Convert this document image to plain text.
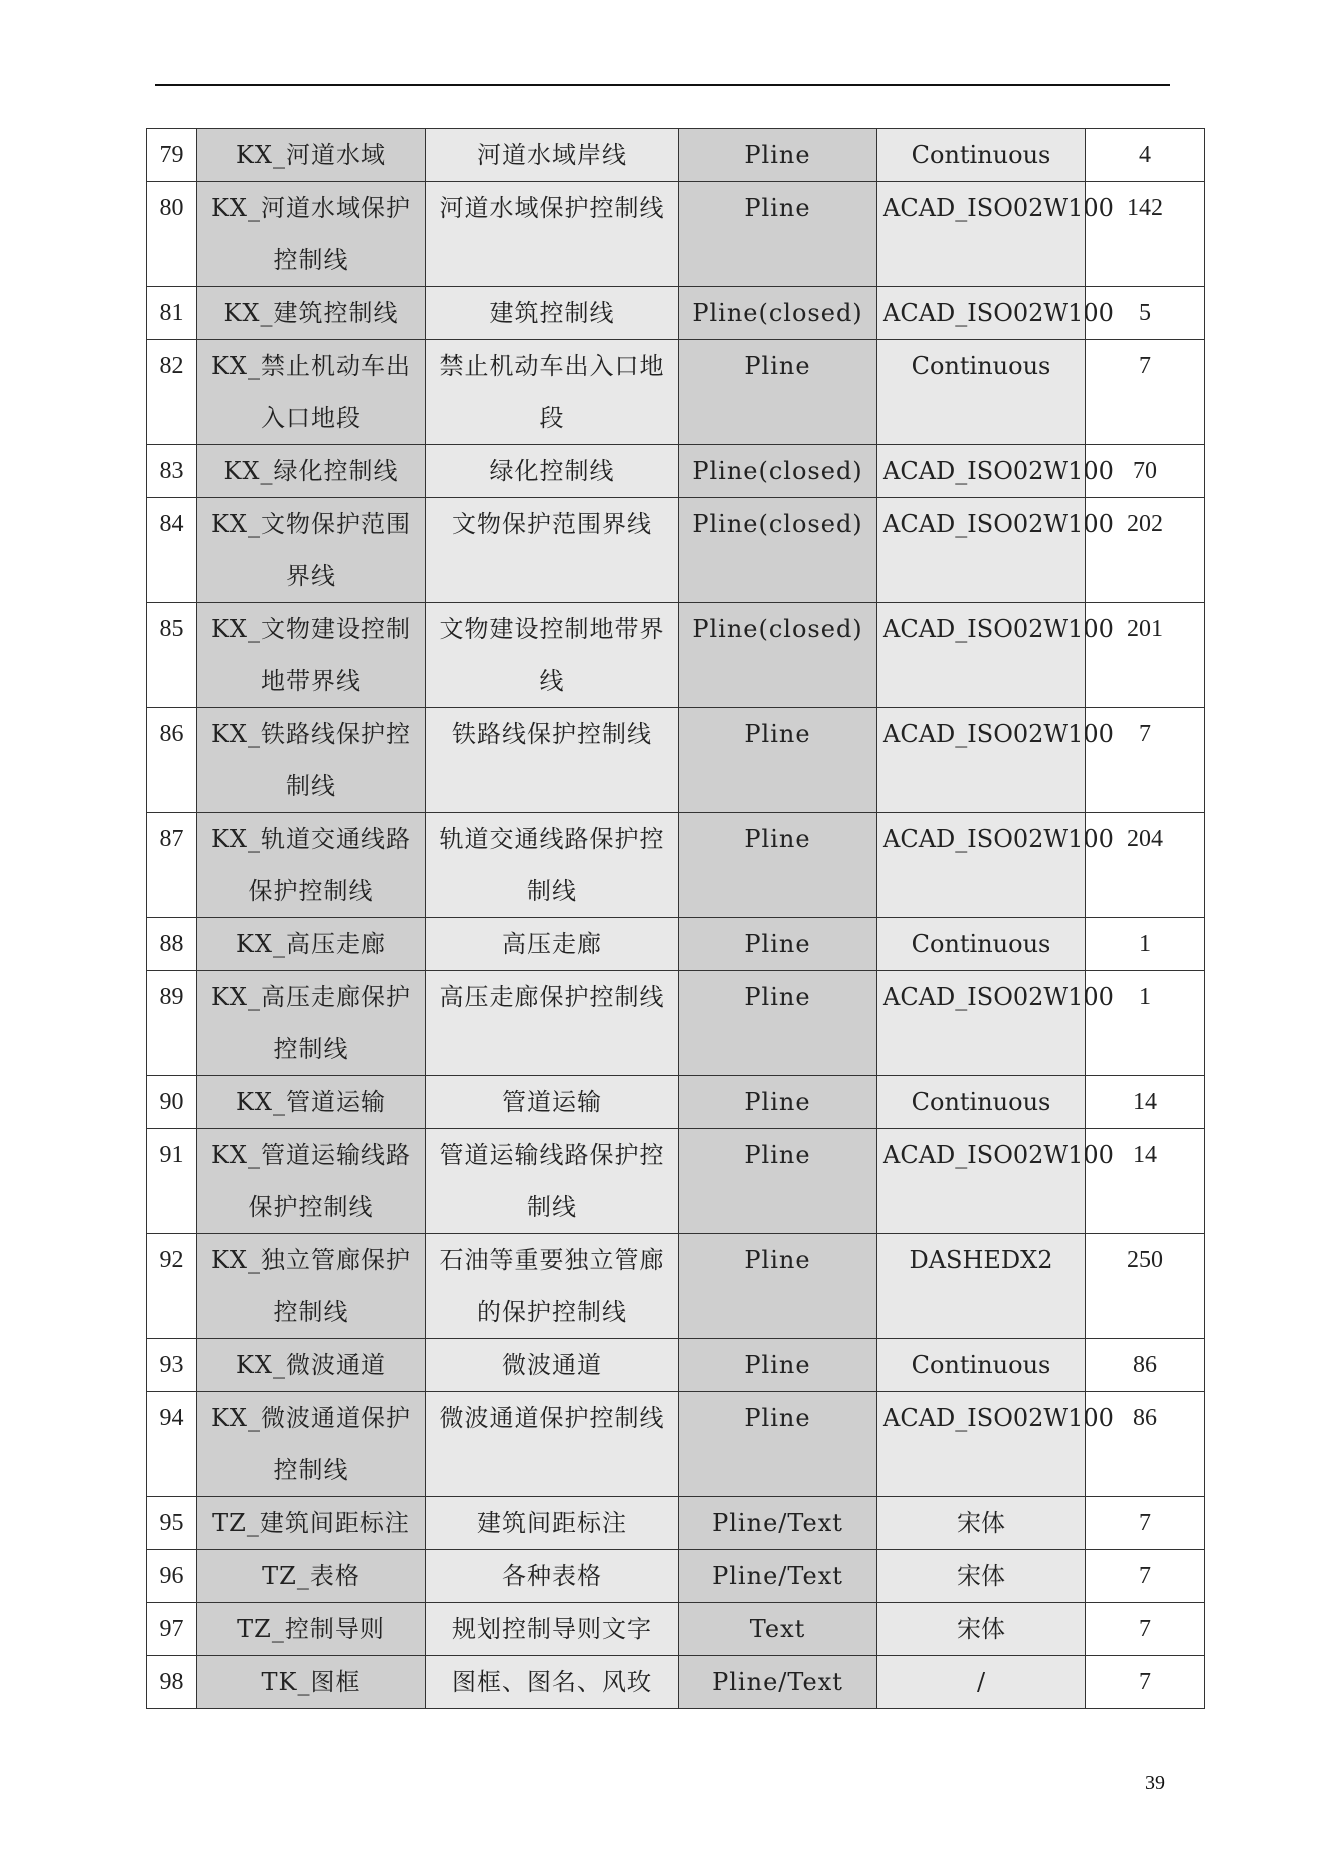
79	KX_河道水域	河道水域岸线	Pline	Continuous	4
80	KX_河道水域保护控制线	河道水域保护控制线	Pline	ACAD_ISO02W100	142
81	KX_建筑控制线	建筑控制线	Pline(closed)	ACAD_ISO02W100	5
82	KX_禁止机动车出入口地段	禁止机动车出入口地段	Pline	Continuous	7
83	KX_绿化控制线	绿化控制线	Pline(closed)	ACAD_ISO02W100	70
84	KX_文物保护范围界线	文物保护范围界线	Pline(closed)	ACAD_ISO02W100	202
85	KX_文物建设控制地带界线	文物建设控制地带界线	Pline(closed)	ACAD_ISO02W100	201
86	KX_铁路线保护控制线	铁路线保护控制线	Pline	ACAD_ISO02W100	7
87	KX_轨道交通线路保护控制线	轨道交通线路保护控制线	Pline	ACAD_ISO02W100	204
88	KX_高压走廊	高压走廊	Pline	Continuous	1
89	KX_高压走廊保护控制线	高压走廊保护控制线	Pline	ACAD_ISO02W100	1
90	KX_管道运输	管道运输	Pline	Continuous	14
91	KX_管道运输线路保护控制线	管道运输线路保护控制线	Pline	ACAD_ISO02W100	14
92	KX_独立管廊保护控制线	石油等重要独立管廊的保护控制线	Pline	DASHEDX2	250
93	KX_微波通道	微波通道	Pline	Continuous	86
94	KX_微波通道保护控制线	微波通道保护控制线	Pline	ACAD_ISO02W100	86
95	TZ_建筑间距标注	建筑间距标注	Pline/Text	宋体	7
96	TZ_表格	各种表格	Pline/Text	宋体	7
97	TZ_控制导则	规划控制导则文字	Text	宋体	7
98	TK_图框	图框、图名、风玫	Pline/Text	/	7
39
